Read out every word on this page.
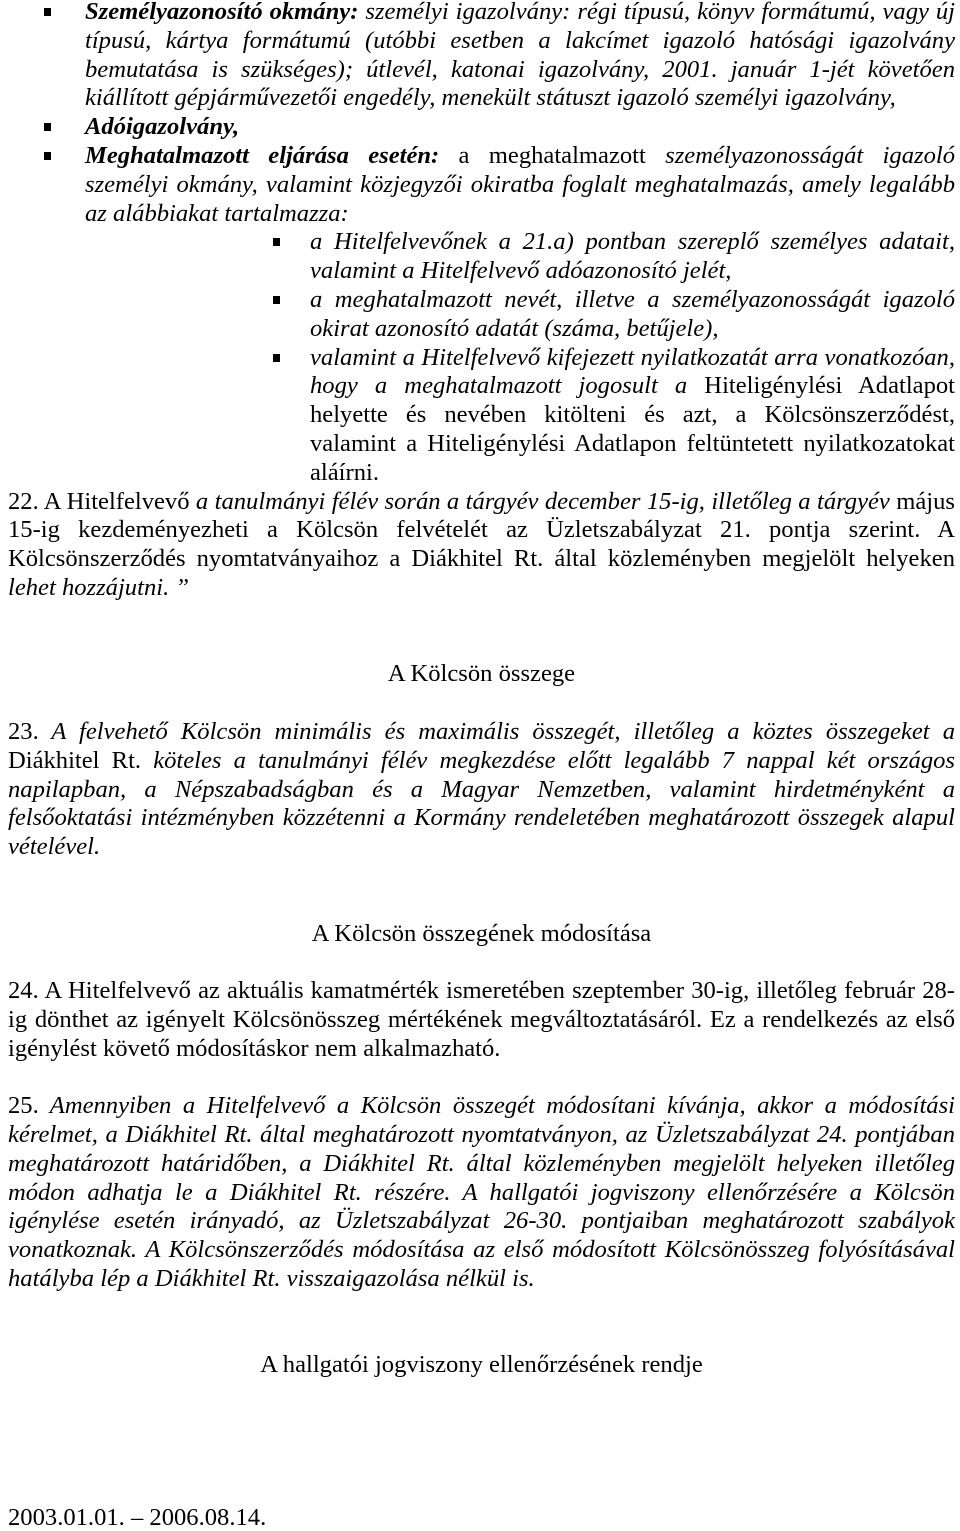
Személyazonosító okmány: személyi igazolvány: régi típusú, könyv formátumú, vagy új típusú, kártya formátumú (utóbbi esetben a lakcímet igazoló hatósági igazolvány bemutatása is szükséges); útlevél, katonai igazolvány, 2001. január 1-jét követően kiállított gépjárművezetői engedély, menekült státuszt igazoló személyi igazolvány,
Adóigazolvány,
Meghatalmazott eljárása esetén: a meghatalmazott személyazonosságát igazoló személyi okmány, valamint közjegyzői okiratba foglalt meghatalmazás, amely legalább az alábbiakat tartalmazza:
a Hitelfelvevőnek a 21.a) pontban szereplő személyes adatait, valamint a Hitelfelvevő adóazonosító jelét,
a meghatalmazott nevét, illetve a személyazonosságát igazoló okirat azonosító adatát (száma, betűjele),
valamint a Hitelfelvevő kifejezett nyilatkozatát arra vonatkozóan, hogy a meghatalmazott jogosult a Hiteligénylési Adatlapot helyette és nevében kitölteni és azt, a Kölcsönszerződést, valamint a Hiteligénylési Adatlapon feltüntetett nyilatkozatokat aláírni.

22. A Hitelfelvevő a tanulmányi félév során a tárgyév december 15-ig, illetőleg a tárgyév május 15-ig kezdeményezheti a Kölcsön felvételét az Üzletszabályzat 21. pontja szerint. A Kölcsönszerződés nyomtatványaihoz a Diákhitel Rt. által közleményben megjelölt helyeken lehet hozzájutni. ”

A Kölcsön összege

23. A felvehető Kölcsön minimális és maximális összegét, illetőleg a köztes összegeket a Diákhitel Rt. köteles a tanulmányi félév megkezdése előtt legalább 7 nappal két országos napilapban, a Népszabadságban és a Magyar Nemzetben, valamint hirdetményként a felsőoktatási intézményben közzétenni a Kormány rendeletében meghatározott összegek alapul vételével.

A Kölcsön összegének módosítása

24. A Hitelfelvevő az aktuális kamatmérték ismeretében szeptember 30-ig, illetőleg február 28-ig dönthet az igényelt Kölcsönösszeg mértékének megváltoztatásáról. Ez a rendelkezés az első igénylést követő módosításkor nem alkalmazható.

25. Amennyiben a Hitelfelvevő a Kölcsön összegét módosítani kívánja, akkor a módosítási kérelmet, a Diákhitel Rt. által meghatározott nyomtatványon, az Üzletszabályzat 24. pontjában meghatározott határidőben, a Diákhitel Rt. által közleményben megjelölt helyeken illetőleg módon adhatja le a Diákhitel Rt. részére. A hallgatói jogviszony ellenőrzésére a Kölcsön igénylése esetén irányadó, az Üzletszabályzat 26-30. pontjaiban meghatározott szabályok vonatkoznak. A Kölcsönszerződés módosítása az első módosított Kölcsönösszeg folyósításával hatályba lép a Diákhitel Rt. visszaigazolása nélkül is.

A hallgatói jogviszony ellenőrzésének rendje
2003.01.01. – 2006.08.14.
